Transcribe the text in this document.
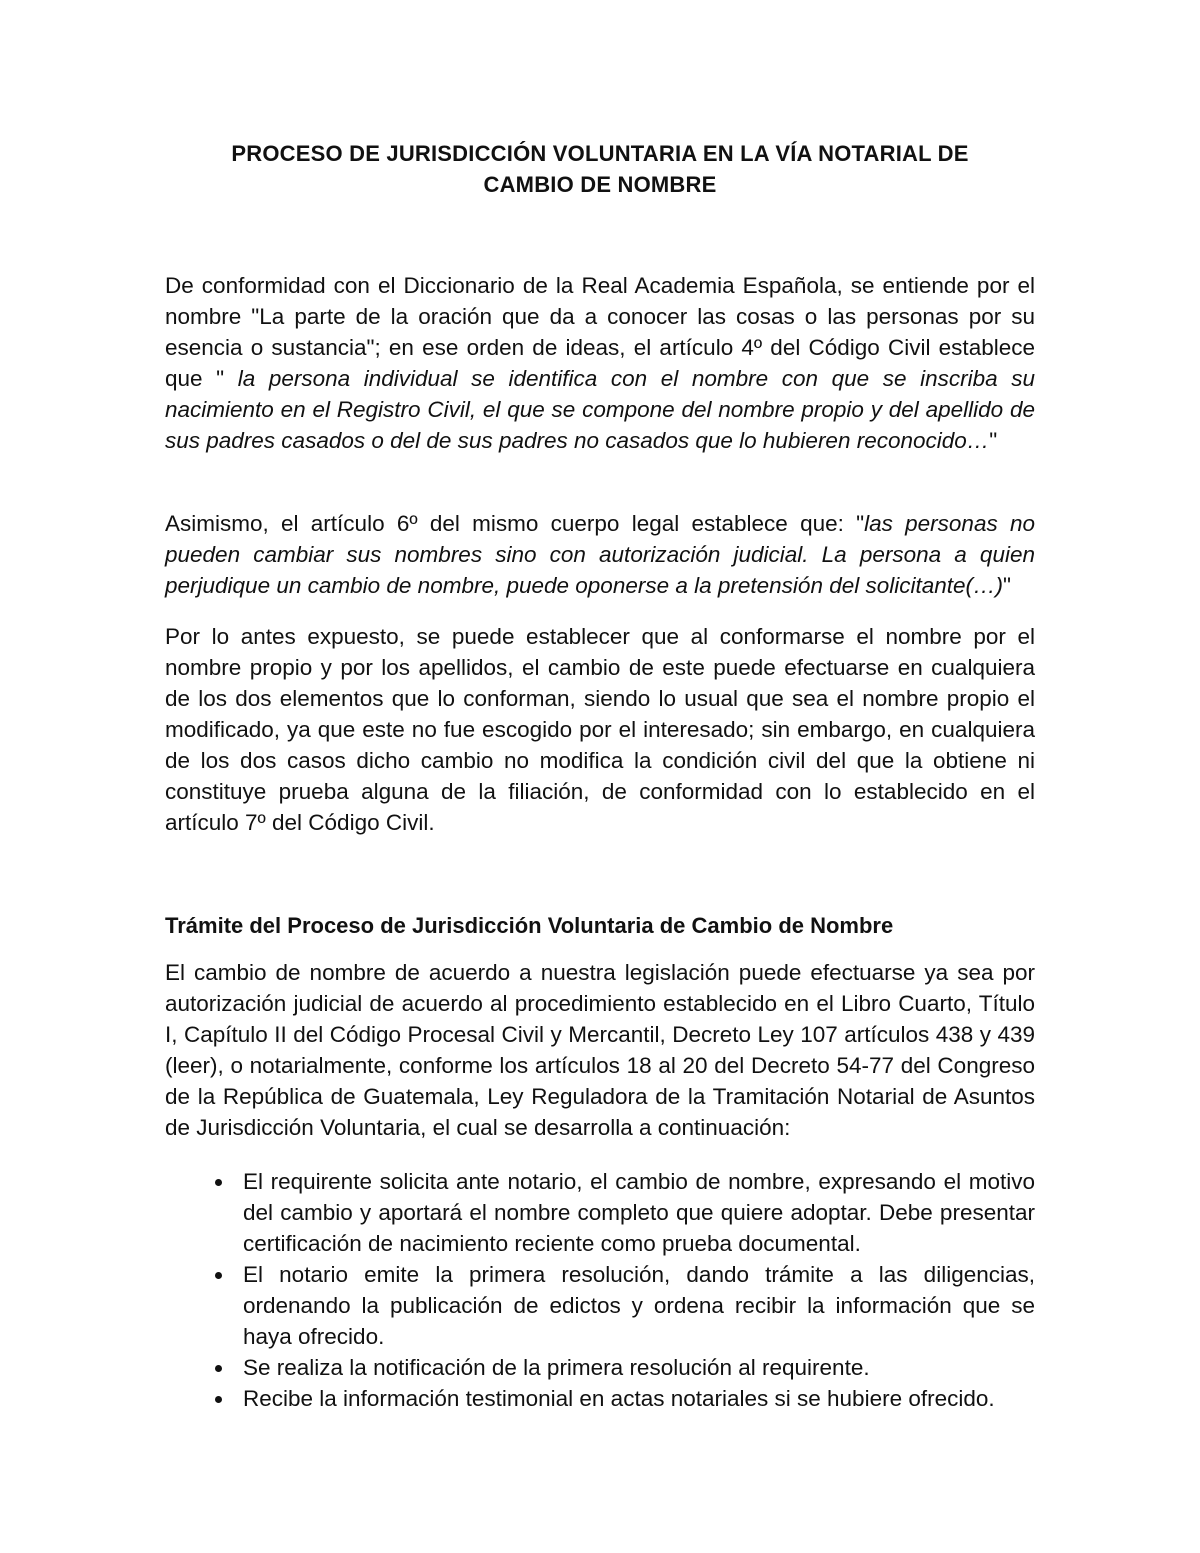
PROCESO DE JURISDICCIÓN VOLUNTARIA EN LA VÍA NOTARIAL DE
CAMBIO DE NOMBRE

De conformidad con el Diccionario de la Real Academia Española, se entiende por el nombre "La parte de la oración que da a conocer las cosas o las personas por su esencia o sustancia"; en ese orden de ideas, el artículo 4º del Código Civil establece que " la persona individual se identifica con el nombre con que se inscriba su nacimiento en el Registro Civil, el que se compone del nombre propio y del apellido de sus padres casados o del de sus padres no casados que lo hubieren reconocido…"

Asimismo, el artículo 6º del mismo cuerpo legal establece que: "las personas no pueden cambiar sus nombres sino con autorización judicial. La persona a quien perjudique un cambio de nombre, puede oponerse a la pretensión del solicitante(…)"

Por lo antes expuesto, se puede establecer que al conformarse el nombre por el nombre propio y por los apellidos, el cambio de este puede efectuarse en cualquiera de los dos elementos que lo conforman, siendo lo usual que sea el nombre propio el modificado, ya que este no fue escogido por el interesado; sin embargo, en cualquiera de los dos casos dicho cambio no modifica la condición civil del que la obtiene ni constituye prueba alguna de la filiación, de conformidad con lo establecido en el artículo 7º del Código Civil.

Trámite del Proceso de Jurisdicción Voluntaria de Cambio de Nombre

El cambio de nombre de acuerdo a nuestra legislación puede efectuarse ya sea por autorización judicial de acuerdo al procedimiento establecido en el Libro Cuarto, Título I, Capítulo II del Código Procesal Civil y Mercantil, Decreto Ley 107 artículos 438 y 439 (leer), o notarialmente, conforme los artículos 18 al 20 del Decreto 54-77 del Congreso de la República de Guatemala, Ley Reguladora de la Tramitación Notarial de Asuntos de Jurisdicción Voluntaria, el cual se desarrolla a continuación:

El requirente solicita ante notario, el cambio de nombre, expresando el motivo del cambio y aportará el nombre completo que quiere adoptar. Debe presentar certificación de nacimiento reciente como prueba documental.
El notario emite la primera resolución, dando trámite a las diligencias, ordenando la publicación de edictos y ordena recibir la información que se haya ofrecido.
Se realiza la notificación de la primera resolución al requirente.
Recibe la información testimonial en actas notariales si se hubiere ofrecido.
